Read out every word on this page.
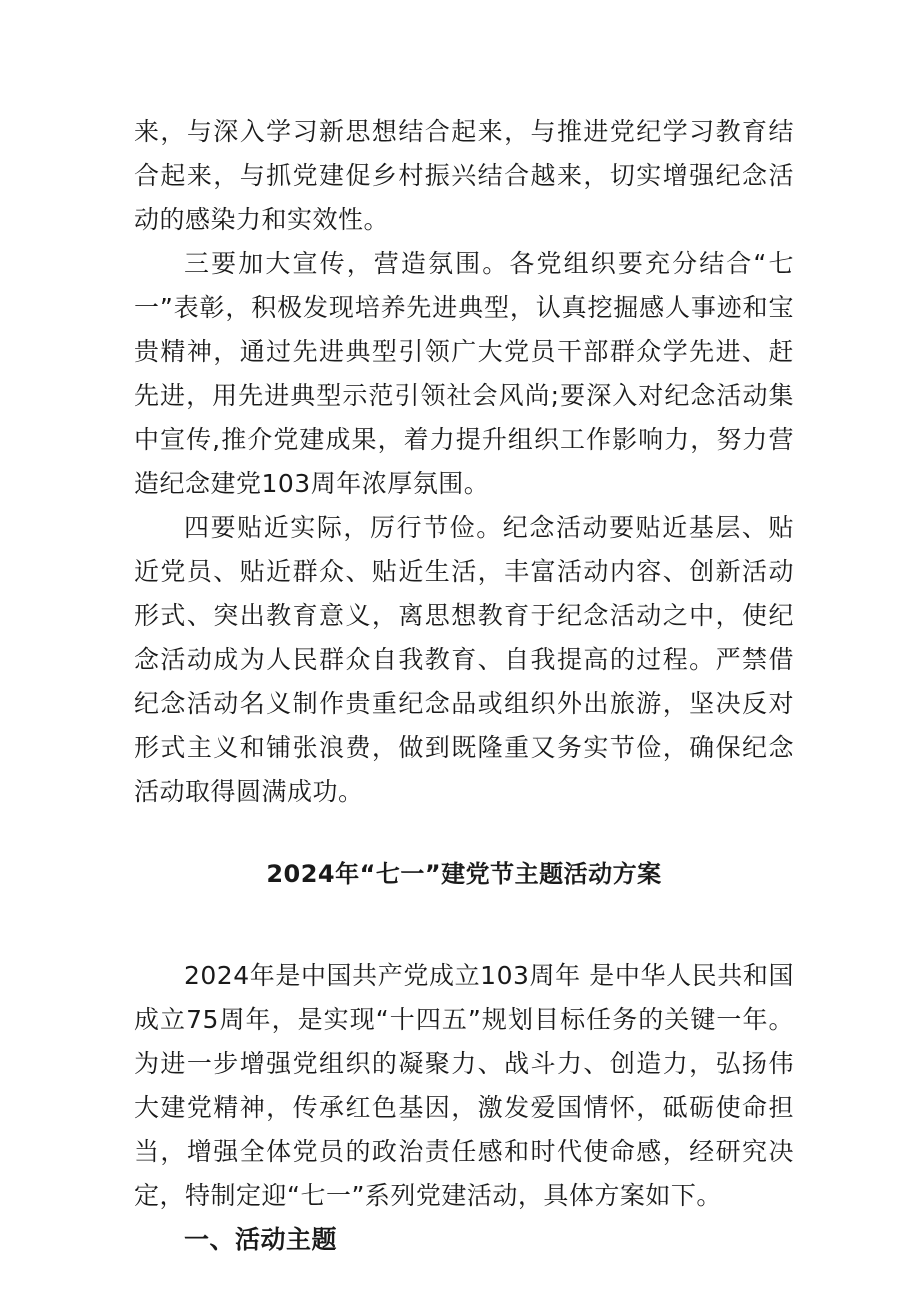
来，与深入学习新思想结合起来，与推进党纪学习教育结合起来，与抓党建促乡村振兴结合越来，切实增强纪念活动的感染力和实效性。

三要加大宣传，营造氛围。各党组织要充分结合“七一”表彰，积极发现培养先进典型，认真挖掘感人事迹和宝贵精神，通过先进典型引领广大党员干部群众学先进、赶先进，用先进典型示范引领社会风尚;要深入对纪念活动集中宣传,推介党建成果，着力提升组织工作影响力，努力营造纪念建党103周年浓厚氛围。

四要贴近实际，厉行节俭。纪念活动要贴近基层、贴近党员、贴近群众、贴近生活，丰富活动内容、创新活动形式、突出教育意义，离思想教育于纪念活动之中，使纪念活动成为人民群众自我教育、自我提高的过程。严禁借纪念活动名义制作贵重纪念品或组织外出旅游，坚决反对形式主义和铺张浪费，做到既隆重又务实节俭，确保纪念活动取得圆满成功。

2024年“七一”建党节主题活动方案

2024年是中国共产党成立103周年 是中华人民共和国成立75周年，是实现“十四五”规划目标任务的关键一年。为进一步增强党组织的凝聚力、战斗力、创造力，弘扬伟大建党精神，传承红色基因，激发爱国情怀，砥砺使命担当，增强全体党员的政治责任感和时代使命感，经研究决定，特制定迎“七一”系列党建活动，具体方案如下。

一、活动主题
